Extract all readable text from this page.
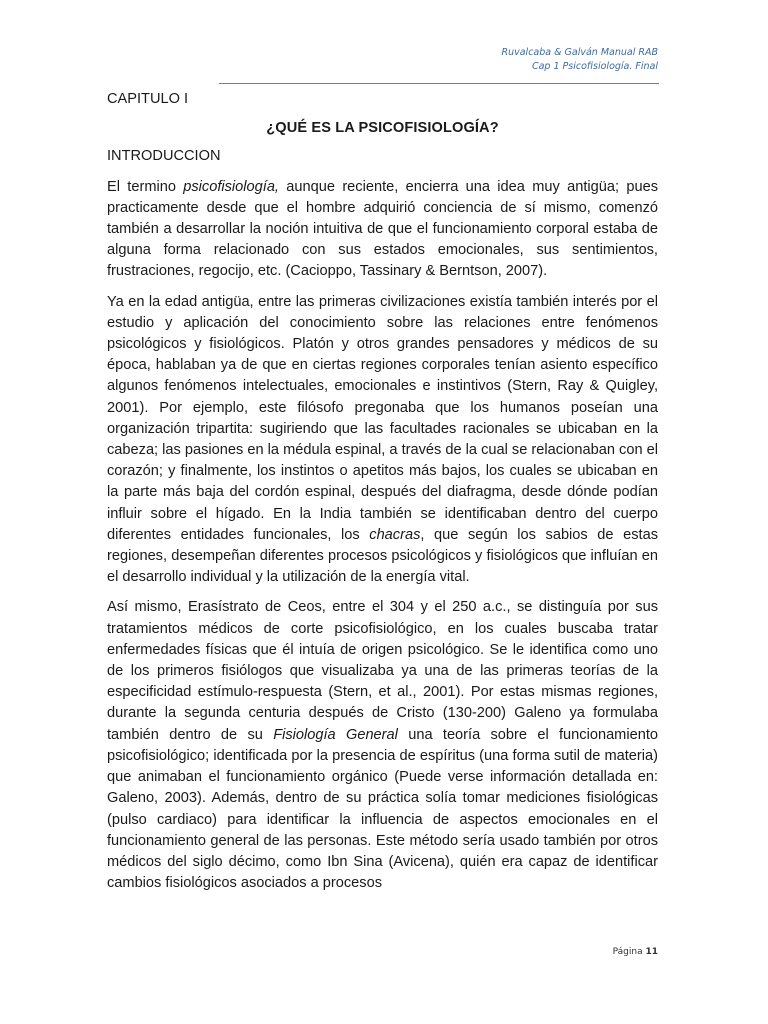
Ruvalcaba & Galván Manual RAB
Cap 1 Psicofisiología. Final
CAPITULO I
¿QUÉ ES LA PSICOFISIOLOGÍA?
INTRODUCCION

El termino psicofisiología, aunque reciente, encierra una idea muy antigüa; pues practicamente desde que el hombre adquirió conciencia de sí mismo, comenzó también a desarrollar la noción intuitiva de que el funcionamiento corporal estaba de alguna forma relacionado con sus estados emocionales, sus sentimientos, frustraciones, regocijo, etc. (Cacioppo, Tassinary & Berntson, 2007).

Ya en la edad antigüa, entre las primeras civilizaciones existía también interés por el estudio y aplicación del conocimiento sobre las relaciones entre fenómenos psicológicos y fisiológicos. Platón y otros grandes pensadores y médicos de su época, hablaban ya de que en ciertas regiones corporales tenían asiento específico algunos fenómenos intelectuales, emocionales e instintivos (Stern, Ray & Quigley, 2001). Por ejemplo, este filósofo pregonaba que los humanos poseían una organización tripartita: sugiriendo que las facultades racionales se ubicaban en la cabeza; las pasiones en la médula espinal, a través de la cual se relacionaban con el corazón; y finalmente, los instintos o apetitos más bajos, los cuales se ubicaban en la parte más baja del cordón espinal, después del diafragma, desde dónde podían influir sobre el hígado. En la India también se identificaban dentro del cuerpo diferentes entidades funcionales, los chacras, que según los sabios de estas regiones, desempeñan diferentes procesos psicológicos y fisiológicos que influían en el desarrollo individual y la utilización de la energía vital.

Así mismo, Erasístrato de Ceos, entre el 304 y el 250 a.c., se distinguía por sus tratamientos médicos de corte psicofisiológico, en los cuales buscaba tratar enfermedades físicas que él intuía de origen psicológico. Se le identifica como uno de los primeros fisiólogos que visualizaba ya una de las primeras teorías de la especificidad estímulo-respuesta (Stern, et al., 2001). Por estas mismas regiones, durante la segunda centuria después de Cristo (130-200) Galeno ya formulaba también dentro de su Fisiología General una teoría sobre el funcionamiento psicofisiológico; identificada por la presencia de espíritus (una forma sutil de materia) que animaban el funcionamiento orgánico (Puede verse información detallada en: Galeno, 2003). Además, dentro de su práctica solía tomar mediciones fisiológicas (pulso cardiaco) para identificar la influencia de aspectos emocionales en el funcionamiento general de las personas. Este método sería usado también por otros médicos del siglo décimo, como Ibn Sina (Avicena), quién era capaz de identificar cambios fisiológicos asociados a procesos

Página 11
